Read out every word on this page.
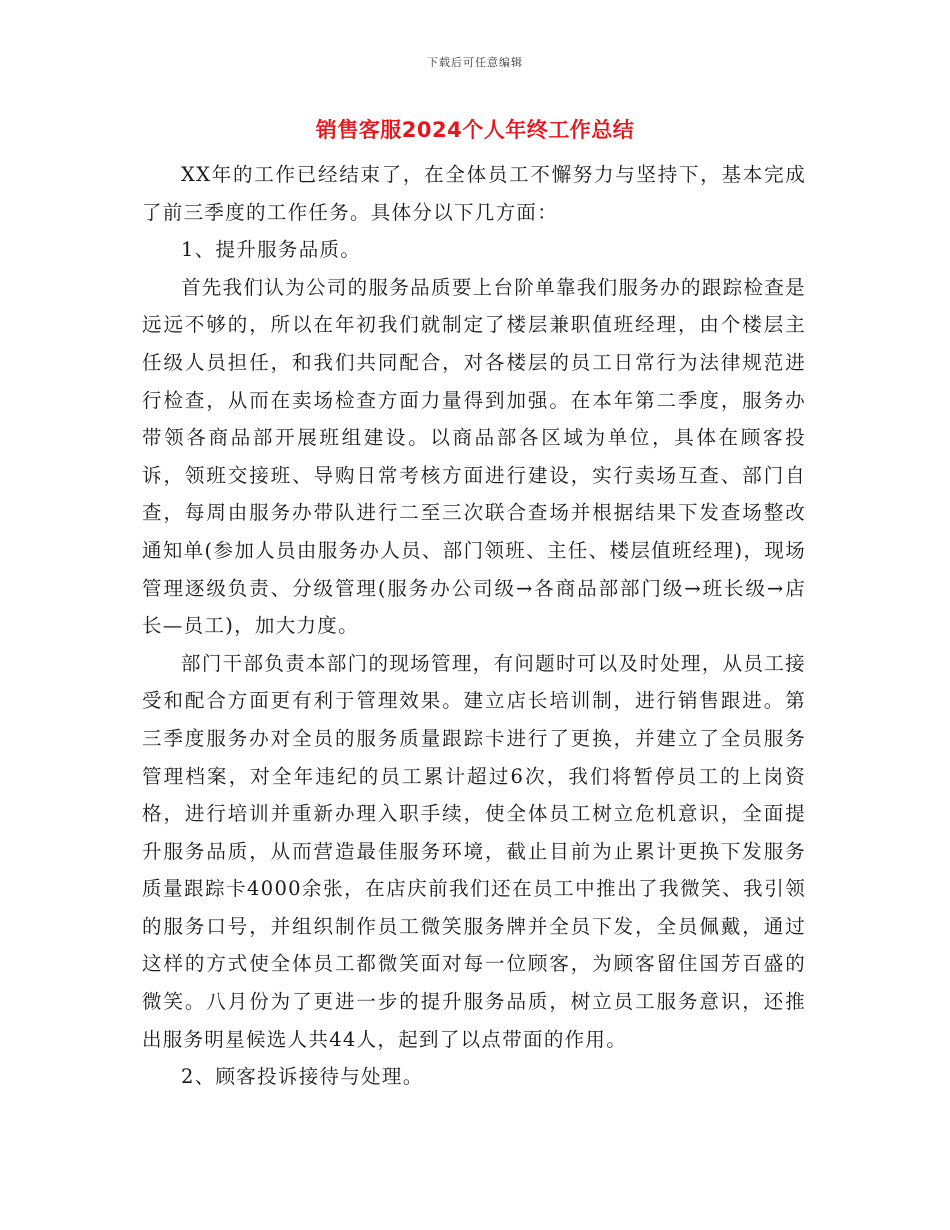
下载后可任意编辑
销售客服2024个人年终工作总结

XX年的工作已经结束了，在全体员工不懈努力与坚持下，基本完成了前三季度的工作任务。具体分以下几方面：

1、提升服务品质。

首先我们认为公司的服务品质要上台阶单靠我们服务办的跟踪检查是远远不够的，所以在年初我们就制定了楼层兼职值班经理，由个楼层主任级人员担任，和我们共同配合，对各楼层的员工日常行为法律规范进行检查，从而在卖场检查方面力量得到加强。在本年第二季度，服务办带领各商品部开展班组建设。以商品部各区域为单位，具体在顾客投诉，领班交接班、导购日常考核方面进行建设，实行卖场互查、部门自查，每周由服务办带队进行二至三次联合查场并根据结果下发查场整改通知单(参加人员由服务办人员、部门领班、主任、楼层值班经理)，现场管理逐级负责、分级管理(服务办公司级→各商品部部门级→班长级→店长—员工)，加大力度。

部门干部负责本部门的现场管理，有问题时可以及时处理，从员工接受和配合方面更有利于管理效果。建立店长培训制，进行销售跟进。第三季度服务办对全员的服务质量跟踪卡进行了更换，并建立了全员服务管理档案，对全年违纪的员工累计超过6次，我们将暂停员工的上岗资格，进行培训并重新办理入职手续，使全体员工树立危机意识，全面提升服务品质，从而营造最佳服务环境，截止目前为止累计更换下发服务质量跟踪卡4000余张，在店庆前我们还在员工中推出了我微笑、我引领的服务口号，并组织制作员工微笑服务牌并全员下发，全员佩戴，通过这样的方式使全体员工都微笑面对每一位顾客，为顾客留住国芳百盛的微笑。八月份为了更进一步的提升服务品质，树立员工服务意识，还推出服务明星候选人共44人，起到了以点带面的作用。

2、顾客投诉接待与处理。
